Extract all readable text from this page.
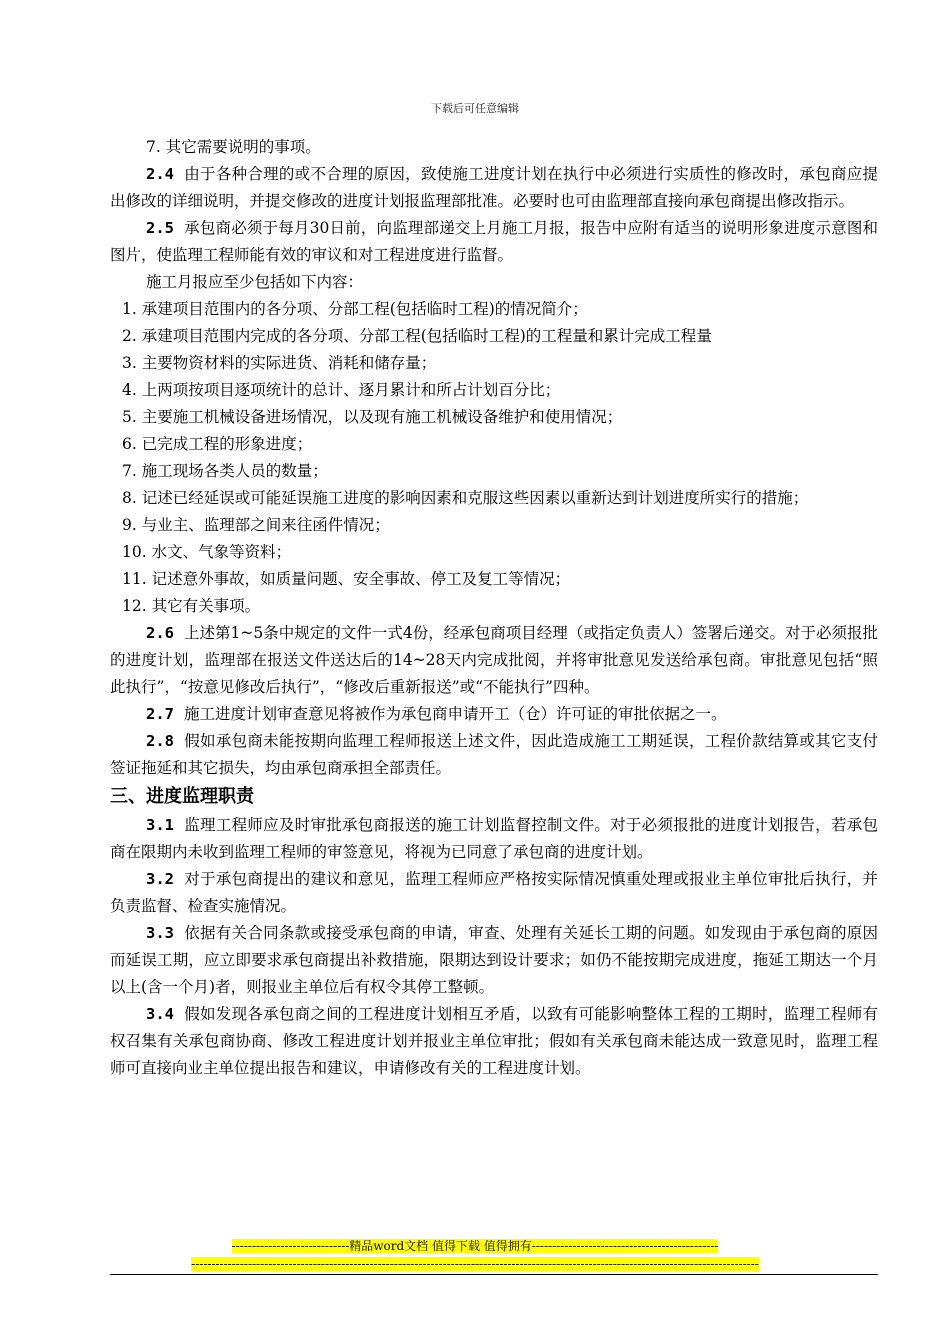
下载后可任意编辑

7. 其它需要说明的事项。

2.4 由于各种合理的或不合理的原因，致使施工进度计划在执行中必须进行实质性的修改时，承包商应提出修改的详细说明，并提交修改的进度计划报监理部批准。必要时也可由监理部直接向承包商提出修改指示。

2.5 承包商必须于每月30日前，向监理部递交上月施工月报，报告中应附有适当的说明形象进度示意图和图片，使监理工程师能有效的审议和对工程进度进行监督。

施工月报应至少包括如下内容：

1. 承建项目范围内的各分项、分部工程(包括临时工程)的情况简介；

2. 承建项目范围内完成的各分项、分部工程(包括临时工程)的工程量和累计完成工程量

3. 主要物资材料的实际进货、消耗和储存量；

4. 上两项按项目逐项统计的总计、逐月累计和所占计划百分比；

5. 主要施工机械设备进场情况，以及现有施工机械设备维护和使用情况；

6. 已完成工程的形象进度；

7. 施工现场各类人员的数量；

8. 记述已经延误或可能延误施工进度的影响因素和克服这些因素以重新达到计划进度所实行的措施；

9. 与业主、监理部之间来往函件情况；

10. 水文、气象等资料；

11. 记述意外事故，如质量问题、安全事故、停工及复工等情况；

12. 其它有关事项。

2.6 上述第1~5条中规定的文件一式4份，经承包商项目经理（或指定负责人）签署后递交。对于必须报批的进度计划，监理部在报送文件送达后的14~28天内完成批阅，并将审批意见发送给承包商。审批意见包括“照此执行”，“按意见修改后执行”，“修改后重新报送”或“不能执行”四种。

2.7 施工进度计划审查意见将被作为承包商申请开工（仓）许可证的审批依据之一。

2.8 假如承包商未能按期向监理工程师报送上述文件，因此造成施工工期延误，工程价款结算或其它支付签证拖延和其它损失，均由承包商承担全部责任。

三、进度监理职责

3.1 监理工程师应及时审批承包商报送的施工计划监督控制文件。对于必须报批的进度计划报告，若承包商在限期内未收到监理工程师的审签意见，将视为已同意了承包商的进度计划。

3.2 对于承包商提出的建议和意见，监理工程师应严格按实际情况慎重处理或报业主单位审批后执行，并负责监督、检查实施情况。

3.3 依据有关合同条款或接受承包商的申请，审查、处理有关延长工期的问题。如发现由于承包商的原因而延误工期，应立即要求承包商提出补救措施，限期达到设计要求；如仍不能按期完成进度，拖延工期达一个月以上(含一个月)者，则报业主单位后有权令其停工整顿。

3.4 假如发现各承包商之间的工程进度计划相互矛盾，以致有可能影响整体工程的工期时，监理工程师有权召集有关承包商协商、修改工程进度计划并报业主单位审批；假如有关承包商未能达成一致意见时，监理工程师可直接向业主单位提出报告和建议，申请修改有关的工程进度计划。

-----------------------------精品word文档 值得下载 值得拥有----------------------------------------------
--------------------------------------------------------------------------------------------------------------------------------------------
